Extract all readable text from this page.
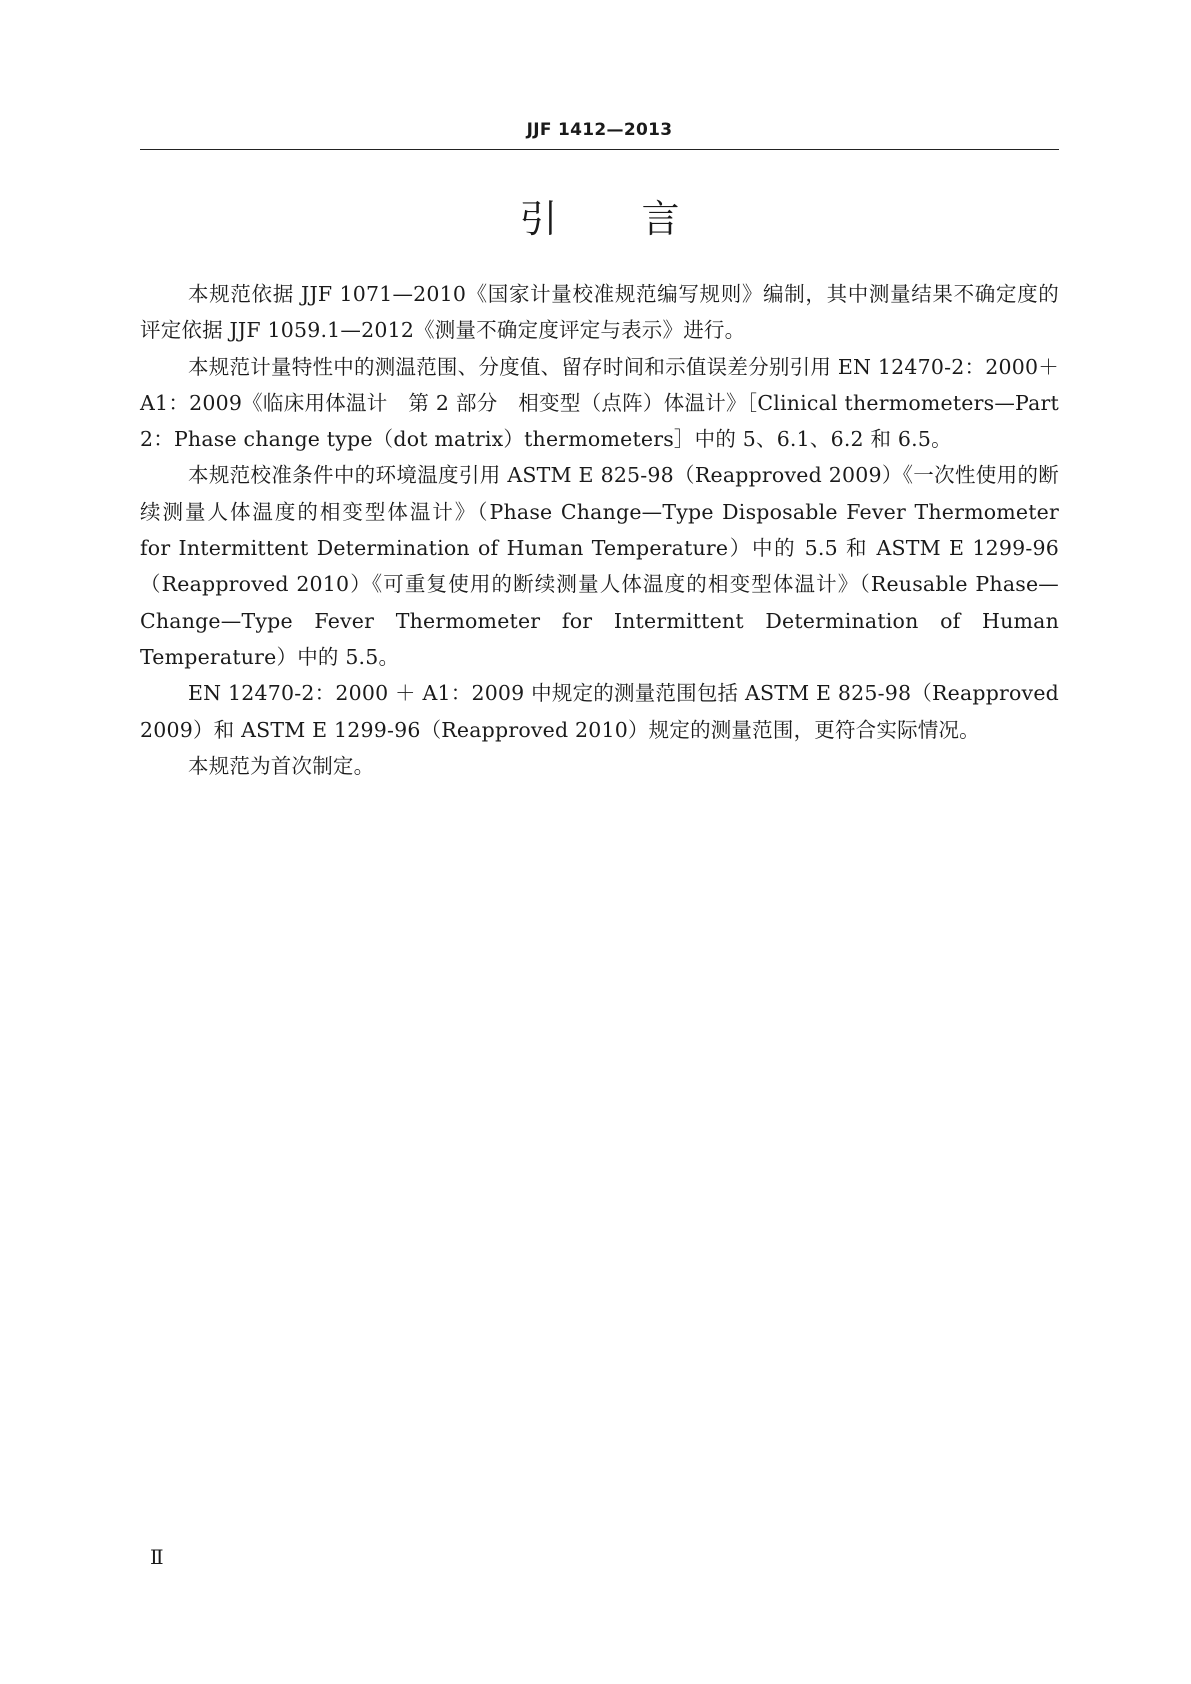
JJF 1412—2013
引 言

本规范依据 JJF 1071—2010《国家计量校准规范编写规则》编制，其中测量结果不确定度的评定依据 JJF 1059.1—2012《测量不确定度评定与表示》进行。

本规范计量特性中的测温范围、分度值、留存时间和示值误差分别引用 EN 12470-2：2000＋A1：2009《临床用体温计　第 2 部分　相变型（点阵）体温计》［Clinical thermometers—Part 2：Phase change type（dot matrix）thermometers］中的 5、6.1、6.2 和 6.5。

本规范校准条件中的环境温度引用 ASTM E 825-98（Reapproved 2009）《一次性使用的断续测量人体温度的相变型体温计》（Phase Change—Type Disposable Fever Thermometer for Intermittent Determination of Human Temperature）中的 5.5 和 ASTM E 1299-96（Reapproved 2010）《可重复使用的断续测量人体温度的相变型体温计》（Reusable Phase—Change—Type Fever Thermometer for Intermittent Determination of Human Temperature）中的 5.5。

EN 12470-2：2000 ＋ A1：2009 中规定的测量范围包括 ASTM E 825-98（Reapproved 2009）和 ASTM E 1299-96（Reapproved 2010）规定的测量范围，更符合实际情况。

本规范为首次制定。

Ⅱ
